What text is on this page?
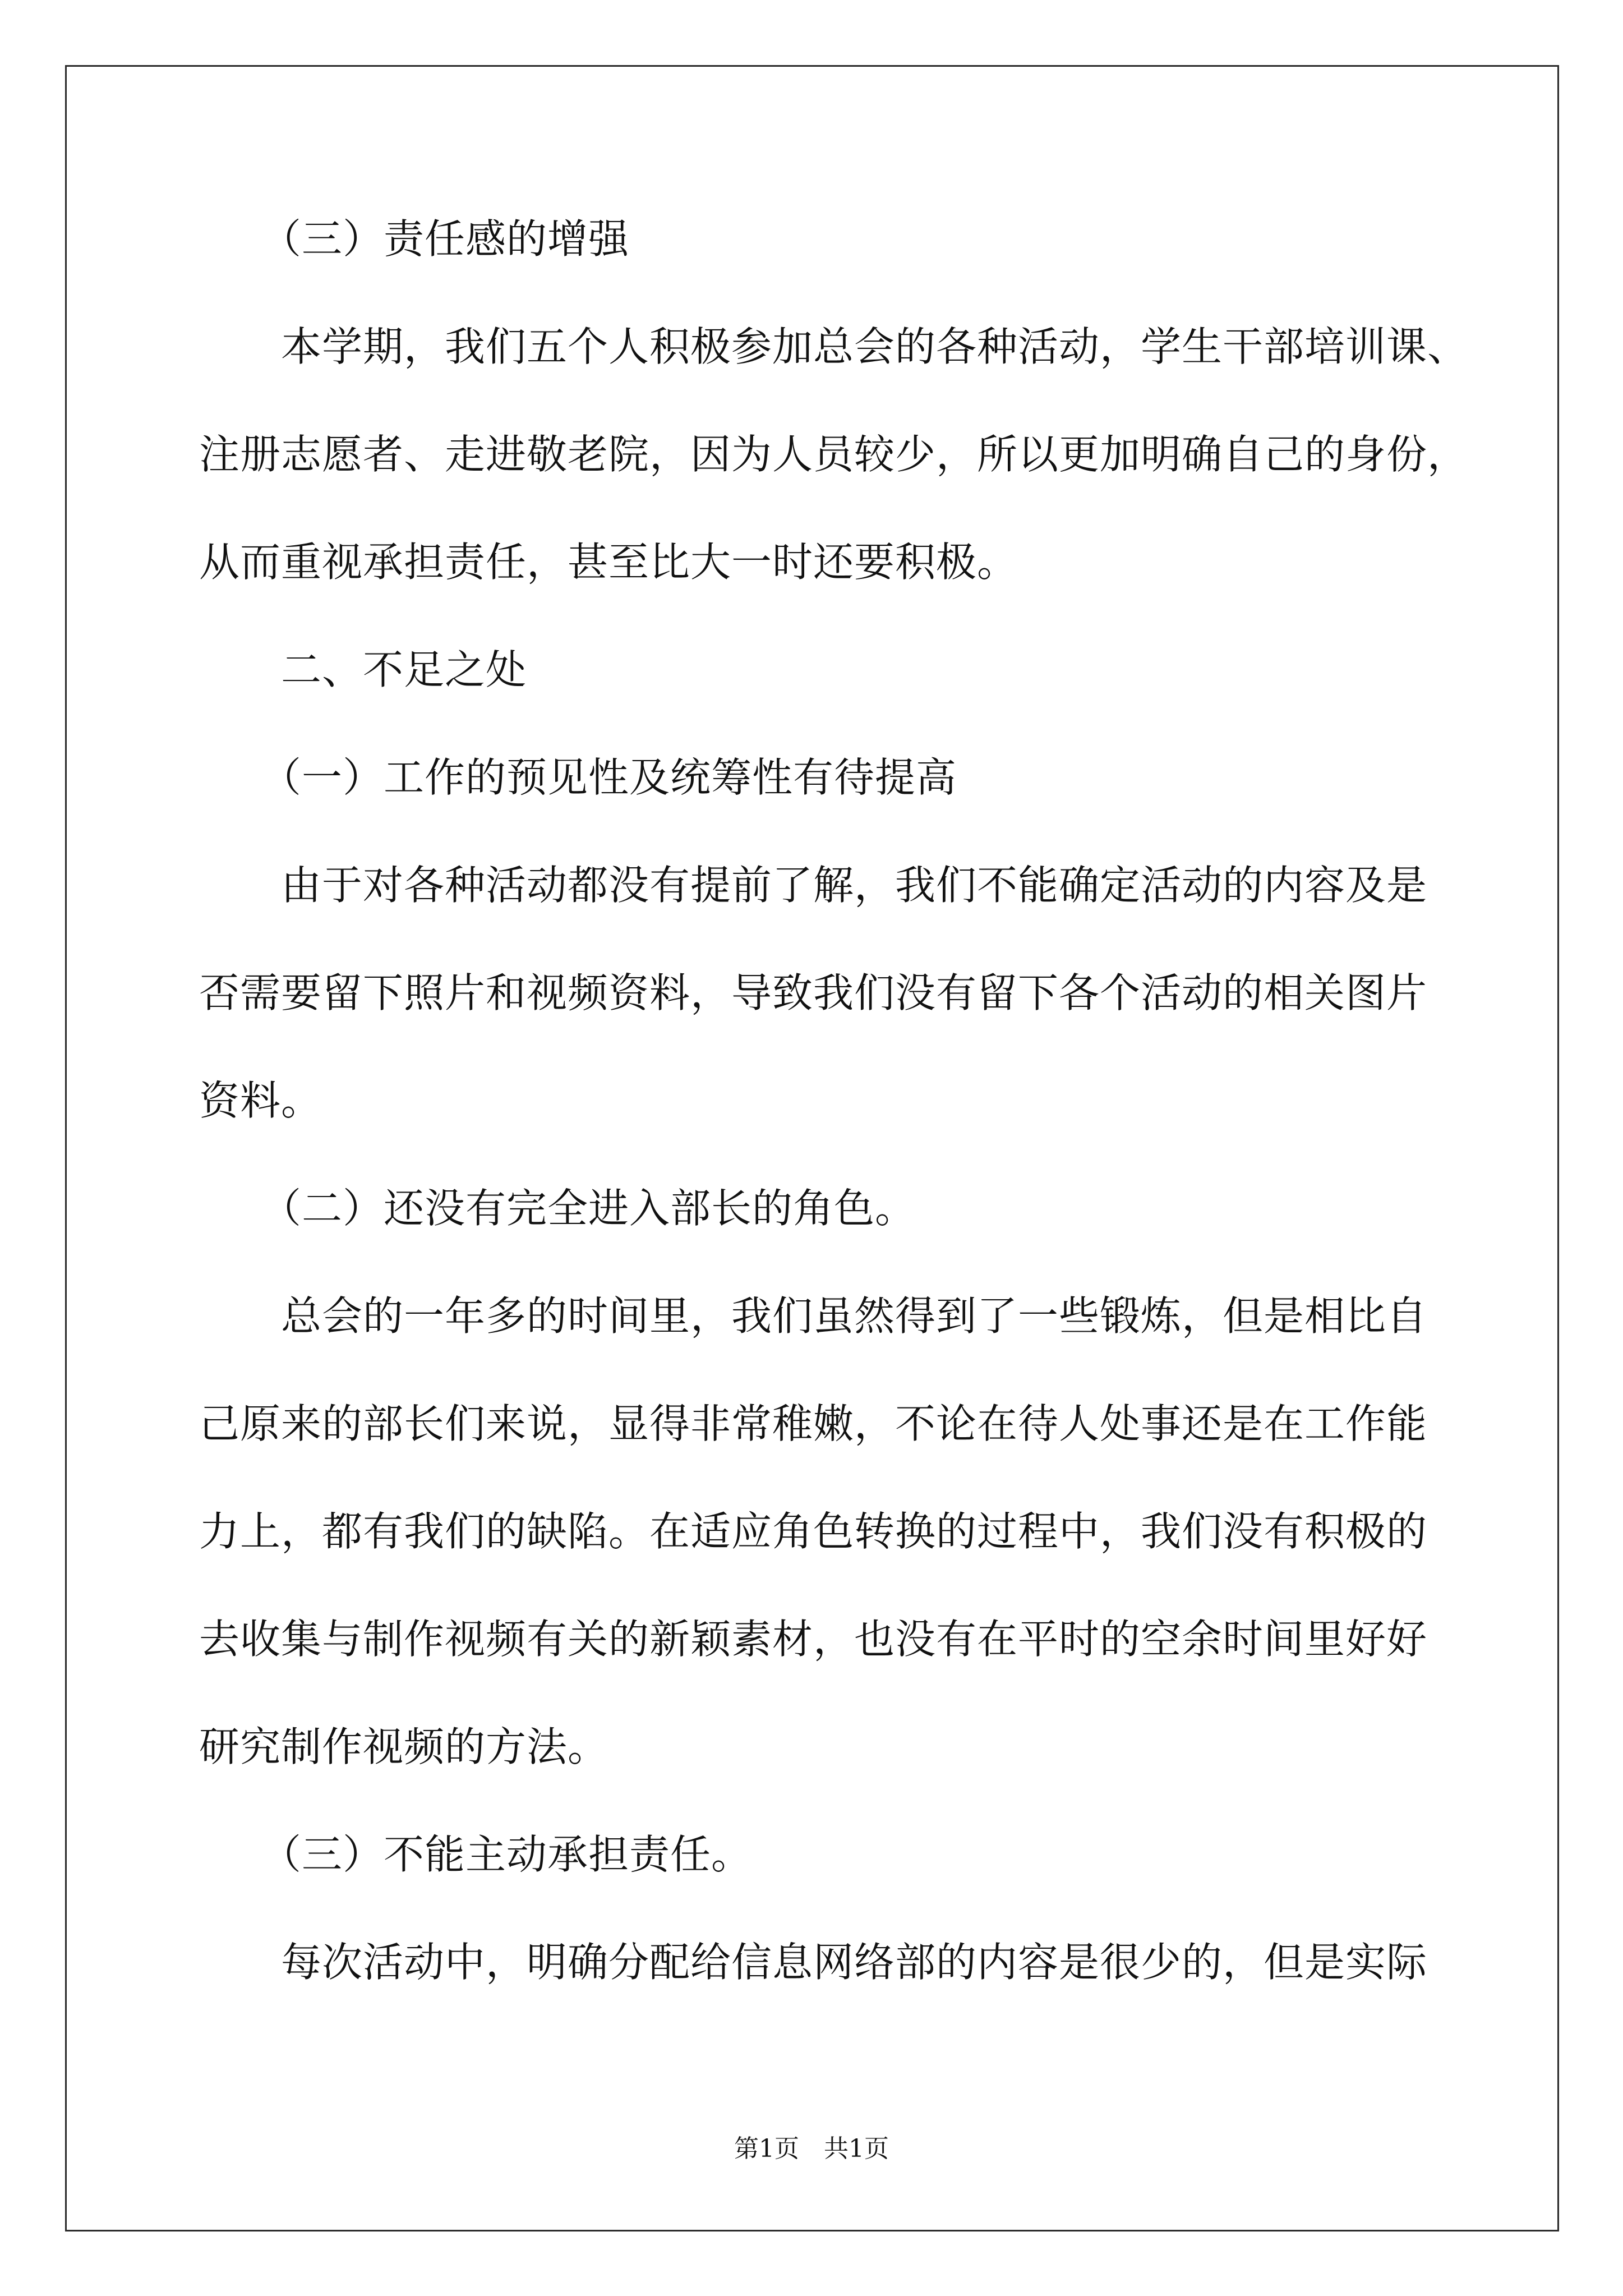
　　（三）责任感的增强
　　本学期，我们五个人积极参加总会的各种活动，学生干部培训课、
注册志愿者、走进敬老院，因为人员较少，所以更加明确自己的身份，
从而重视承担责任，甚至比大一时还要积极。
　　二、不足之处
　　（一）工作的预见性及统筹性有待提高
　　由于对各种活动都没有提前了解，我们不能确定活动的内容及是
否需要留下照片和视频资料，导致我们没有留下各个活动的相关图片
资料。
　　（二）还没有完全进入部长的角色。
　　总会的一年多的时间里，我们虽然得到了一些锻炼，但是相比自
己原来的部长们来说，显得非常稚嫩，不论在待人处事还是在工作能
力上，都有我们的缺陷。在适应角色转换的过程中，我们没有积极的
去收集与制作视频有关的新颖素材，也没有在平时的空余时间里好好
研究制作视频的方法。
　　（三）不能主动承担责任。
　　每次活动中，明确分配给信息网络部的内容是很少的，但是实际
第1页　共1页
